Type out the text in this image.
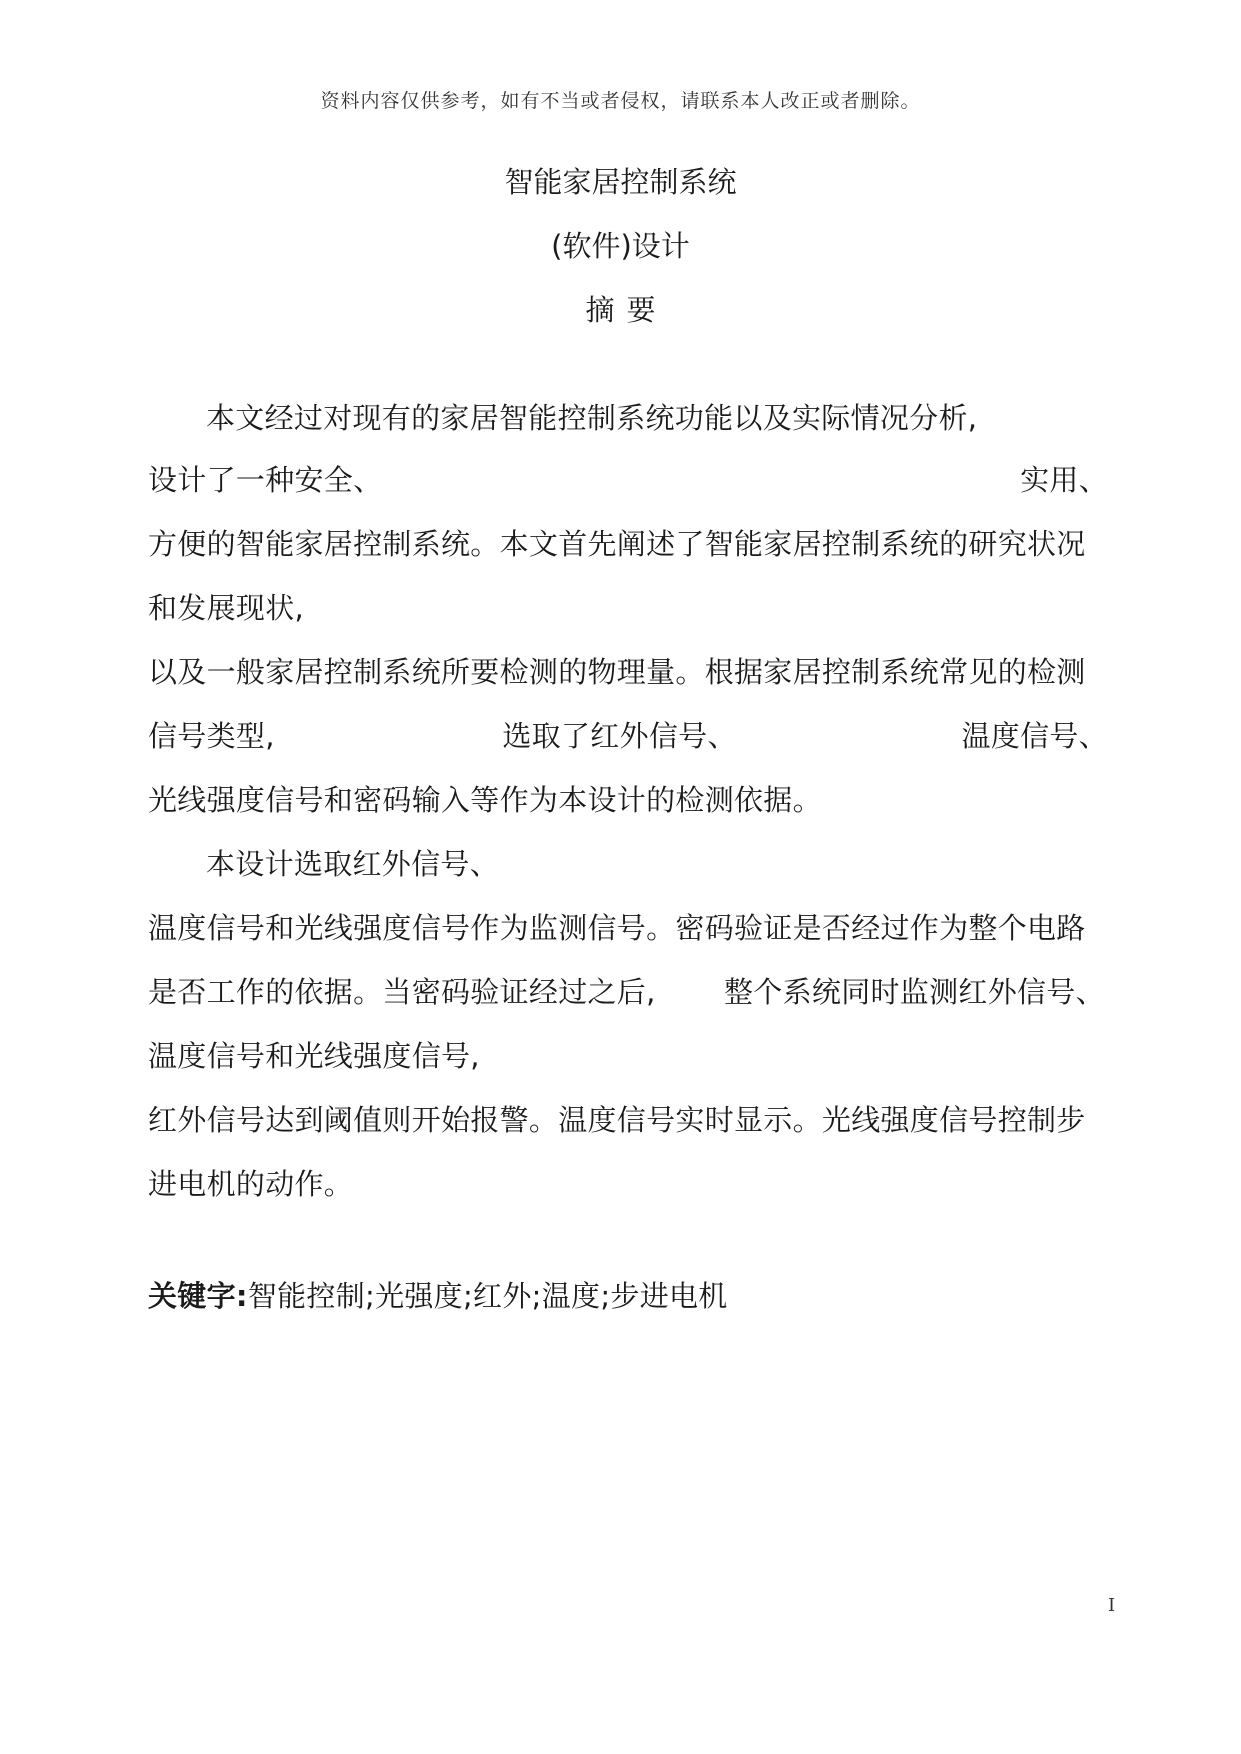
资料内容仅供参考，如有不当或者侵权，请联系本人改正或者删除。
智能家居控制系统
(软件)设计
摘要
本文经过对现有的家居智能控制系统功能以及实际情况分析,
设计了一种安全、	实用、
方便的智能家居控制系统。本文首先阐述了智能家居控制系统的研究状况
和发展现状,
以及一般家居控制系统所要检测的物理量。根据家居控制系统常见的检测
信号类型,	选取了红外信号、	温度信号、
光线强度信号和密码输入等作为本设计的检测依据。
本设计选取红外信号、
温度信号和光线强度信号作为监测信号。密码验证是否经过作为整个电路
是否工作的依据。当密码验证经过之后,	整个系统同时监测红外信号、
温度信号和光线强度信号,
红外信号达到阈值则开始报警。温度信号实时显示。光线强度信号控制步
进电机的动作。
关键字:智能控制;光强度;红外;温度;步进电机
I
